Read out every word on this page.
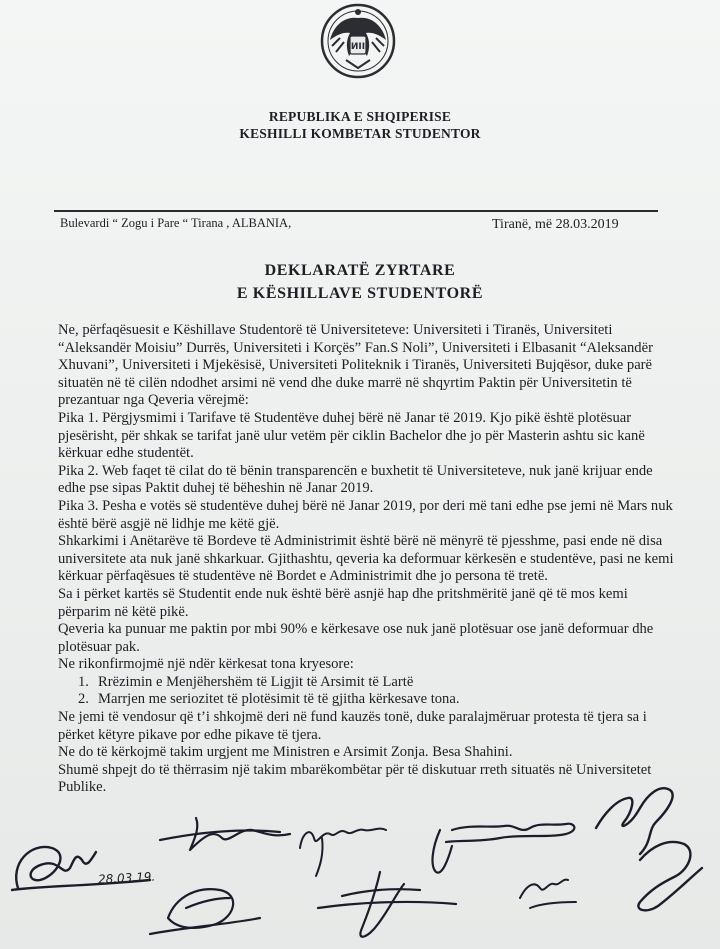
ИII
REPUBLIKA E SHQIPERISE
KESHILLI KOMBETAR STUDENTOR
Bulevardi “ Zogu i Pare “ Tirana , ALBANIA,	Tiranë, më 28.03.2019
DEKLARATË ZYRTARE
E KËSHILLAVE STUDENTORË

Ne, përfaqësuesit e Këshillave Studentorë të Universiteteve: Universiteti i Tiranës, Universiteti “Aleksandër Moisiu” Durrës, Universiteti i Korçës” Fan.S Noli”, Universiteti i Elbasanit “Aleksandër Xhuvani”, Universiteti i Mjekësisë, Universiteti Politeknik i Tiranës, Universiteti Bujqësor, duke parë situatën në të cilën ndodhet arsimi në vend dhe duke marrë në shqyrtim Paktin për Universitetin të prezantuar nga Qeveria vërejmë:

Pika 1. Përgjysmimi i Tarifave të Studentëve duhej bërë në Janar të 2019. Kjo pikë është plotësuar pjesërisht, për shkak se tarifat janë ulur vetëm për ciklin Bachelor dhe jo për Masterin ashtu sic kanë kërkuar edhe studentët.

Pika 2. Web faqet të cilat do të bënin transparencën e buxhetit të Universiteteve, nuk janë krijuar ende edhe pse sipas Paktit duhej të bëheshin në Janar 2019.

Pika 3. Pesha e votës së studentëve duhej bërë në Janar 2019, por deri më tani edhe pse jemi në Mars nuk është bërë asgjë në lidhje me këtë gjë.

Shkarkimi i Anëtarëve të Bordeve të Administrimit është bërë në mënyrë të pjesshme, pasi ende në disa universitete ata nuk janë shkarkuar. Gjithashtu, qeveria ka deformuar kërkesën e studentëve, pasi ne kemi kërkuar përfaqësues të studentëve në Bordet e Administrimit dhe jo persona të tretë.

Sa i përket kartës së Studentit ende nuk është bërë asnjë hap dhe pritshmëritë janë që të mos kemi përparim në këtë pikë.

Qeveria ka punuar me paktin por mbi 90% e kërkesave ose nuk janë plotësuar ose janë deformuar dhe plotësuar pak.

Ne rikonfirmojmë një ndër kërkesat tona kryesore:

1. Rrëzimin e Menjëhershëm të Ligjit të Arsimit të Lartë
2. Marrjen me seriozitet të plotësimit të të gjitha kërkesave tona.

Ne jemi të vendosur që t’i shkojmë deri në fund kauzës tonë, duke paralajmëruar protesta të tjera sa i përket këtyre pikave por edhe pikave të tjera.

Ne do të kërkojmë takim urgjent me Ministren e Arsimit Zonja. Besa Shahini.

Shumë shpejt do të thërrasim një takim mbarëkombëtar për të diskutuar rreth situatës në Universitetet Publike.

28.03.19.
